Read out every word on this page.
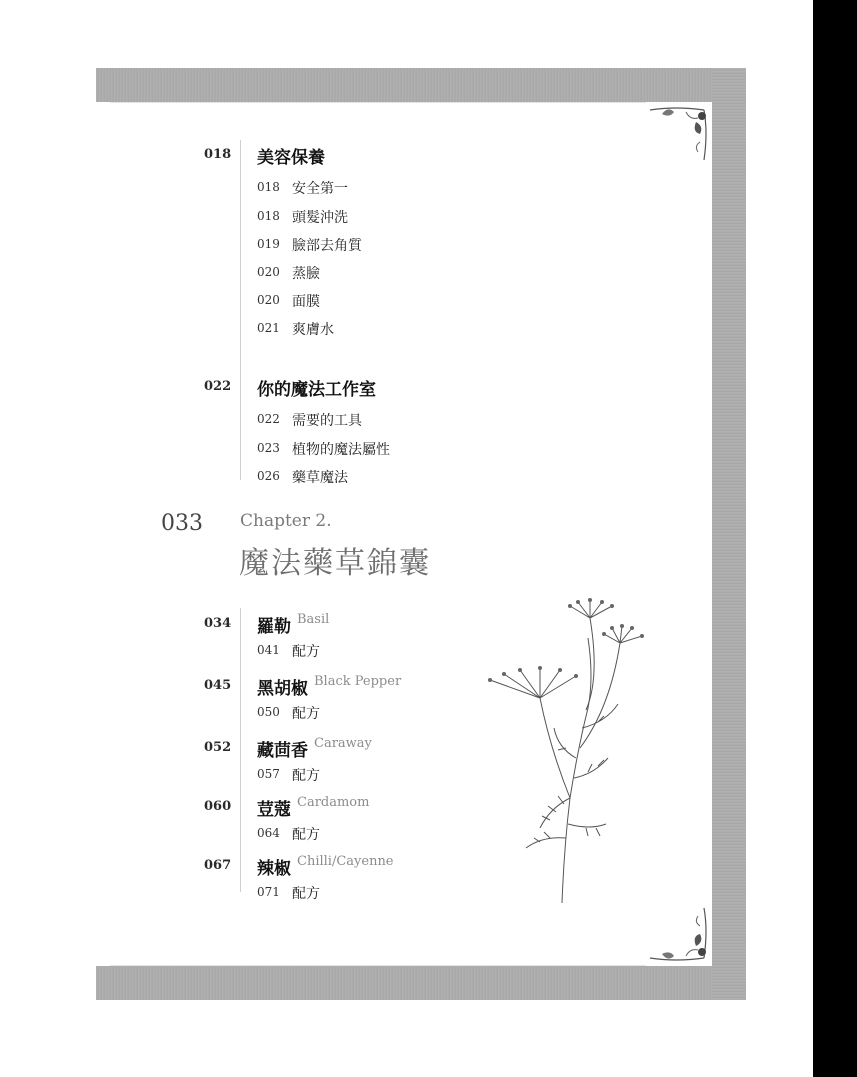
018 美容保養
018 安全第一
018 頭髮沖洗
019 臉部去角質
020 蒸臉
020 面膜
021 爽膚水
022 你的魔法工作室
022 需要的工具
023 植物的魔法屬性
026 藥草魔法
033 Chapter 2.
魔法藥草錦囊
034 羅勒 Basil
041 配方
045 黑胡椒 Black Pepper
050 配方
052 藏茴香 Caraway
057 配方
060 荳蔻 Cardamom
064 配方
067 辣椒 Chilli/Cayenne
071 配方
